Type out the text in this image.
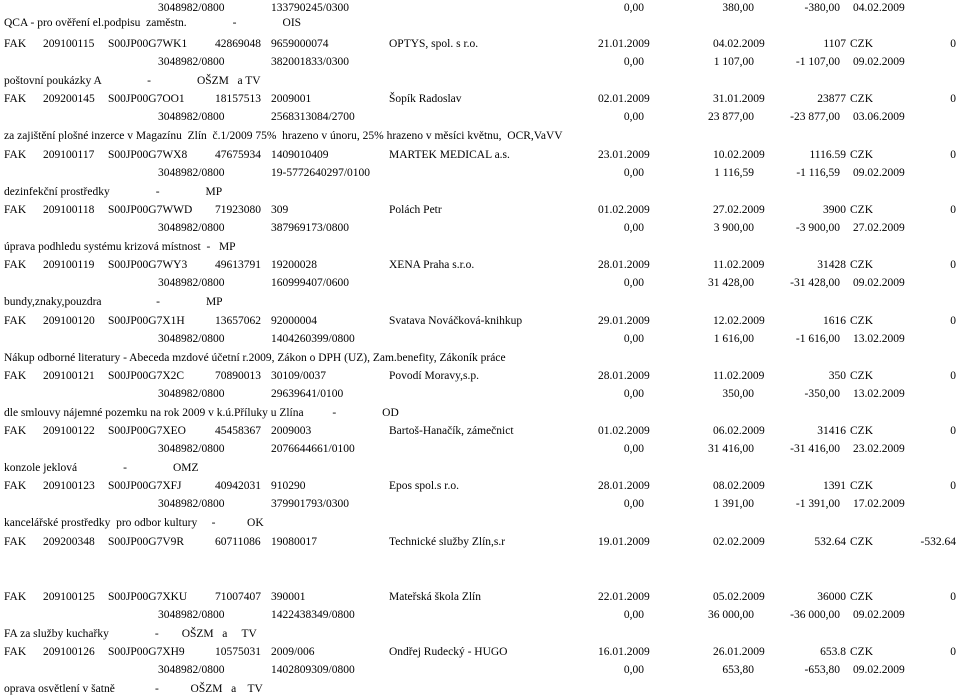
3048982/0800	133790245/0300	0,00	380,00	-380,00 04.02.2009
QCA - pro ověření el.podpisu  zaměstn.                -                OIS
FAK 209100115 S00JP00G7WK1 42869048 9659000074	OPTYS, spol. s r.o.	21.01.2009	04.02.2009	1107 CZK	0
3048982/0800	382001833/0300	0,00	1 107,00	-1 107,00 09.02.2009
poštovní poukázky A                -                OŠZM   a TV
FAK 209200145 S00JP00G7OO1	18157513 2009001	Šopík Radoslav	02.01.2009	31.01.2009	23877 CZK	0
3048982/0800	2568313084/2700	0,00	23 877,00	-23 877,00 03.06.2009
za zajištění plošné inzerce v Magazínu  Zlín  č.1/2009 75%  hrazeno v únoru, 25% hrazeno v měsíci květnu,  OCR,VaVV
FAK 209100117 S00JP00G7WX8 47675934 1409010409	MARTEK MEDICAL a.s.	23.01.2009	10.02.2009	1116.59 CZK	0
3048982/0800	19-5772640297/0100	0,00	1 116,59	-1 116,59 09.02.2009
dezinfekční prostředky                -                MP
FAK 209100118 S00JP00G7WWD 71923080 309	Polách Petr	01.02.2009	27.02.2009	3900 CZK	0
3048982/0800	387969173/0800	0,00	3 900,00	-3 900,00 27.02.2009
úprava podhledu systému krizová místnost  -   MP
FAK 209100119 S00JP00G7WY3 49613791 19200028	XENA Praha s.r.o.	28.01.2009	11.02.2009	31428 CZK	0
3048982/0800	160999407/0600	0,00	31 428,00	-31 428,00 09.02.2009
bundy,znaky,pouzdra                   -                MP
FAK 209100120 S00JP00G7X1H	13657062 92000004	Svatava Nováčková-knihkup	29.01.2009	12.02.2009	1616 CZK	0
3048982/0800	1404260399/0800	0,00	1 616,00	-1 616,00 13.02.2009
Nákup odborné literatury - Abeceda mzdové účetní r.2009, Zákon o DPH (UZ), Zam.benefity, Zákoník práce
FAK 209100121 S00JP00G7X2C	70890013 30109/0037	Povodí Moravy,s.p.	28.01.2009	11.02.2009	350 CZK	0
3048982/0800	29639641/0100	0,00	350,00	-350,00 13.02.2009
dle smlouvy nájemné pozemku na rok 2009 v k.ú.Příluky u Zlína          -                OD
FAK 209100122 S00JP00G7XEO	45458367 2009003	Bartoš-Hanačík, zámečnict	01.02.2009	06.02.2009	31416 CZK	0
3048982/0800	2076644661/0100	0,00	31 416,00	-31 416,00 23.02.2009
konzole jeklová                -                OMZ
FAK 209100123 S00JP00G7XFJ	40942031 910290	Epos spol.s r.o.	28.01.2009	08.02.2009	1391 CZK	0
3048982/0800	379901793/0300	0,00	1 391,00	-1 391,00 17.02.2009
kancelářské prostředky  pro odbor kultury     -           OK
FAK 209200348 S00JP00G7V9R	60711086 19080017	Technické služby Zlín,s.r	19.01.2009	02.02.2009	532.64 CZK	-532.64
FAK 209100125 S00JP00G7XKU 71007407 390001	Mateřská škola Zlín	22.01.2009	05.02.2009	36000 CZK	0
3048982/0800	1422438349/0800	0,00	36 000,00	-36 000,00 09.02.2009
FA za služby kuchařky                -        OŠZM   a     TV
FAK 209100126 S00JP00G7XH9	10575031 2009/006	Ondřej Rudecký - HUGO	16.01.2009	26.01.2009	653.8 CZK	0
3048982/0800	1402809309/0800	0,00	653,80	-653,80 09.02.2009
oprava osvětlení v šatně              -           OŠZM   a    TV
